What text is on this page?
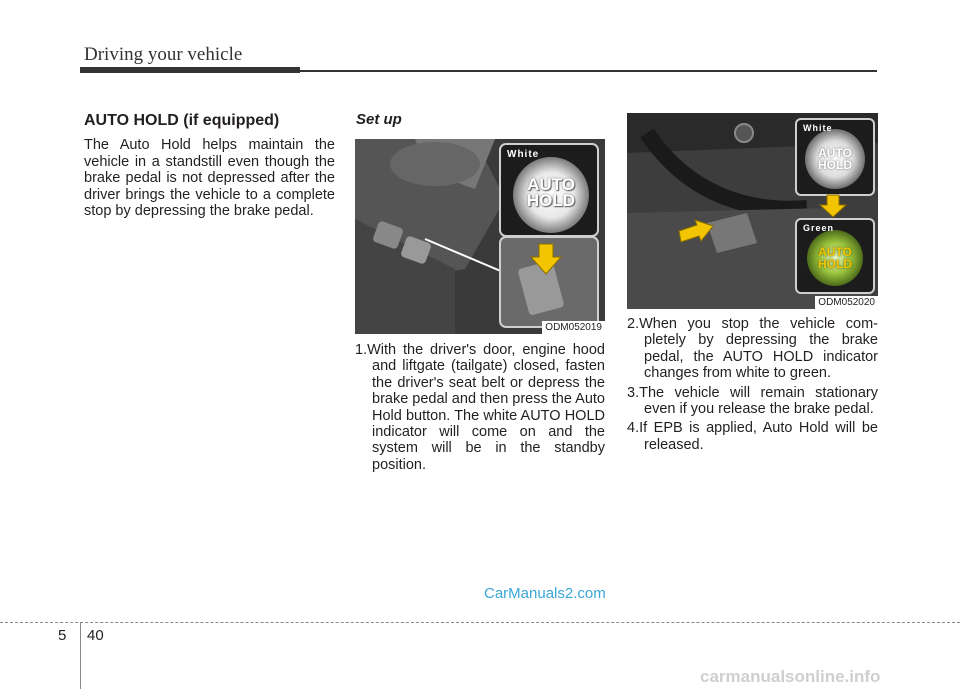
Driving your vehicle
AUTO HOLD (if equipped)
The Auto Hold helps maintain the vehicle in a standstill even though the brake pedal is not depressed after the driver brings the vehicle to a complete stop by depressing the brake pedal.
Set up
White
AUTO
HOLD
ODM052019
White
AUTO
HOLD
Green
AUTO
HOLD
ODM052020
1.With the driver's door, engine hood and liftgate (tailgate) closed, fasten the driver's seat belt or depress the brake pedal and then press the Auto Hold button. The white AUTO HOLD indicator will come on and the system will be in the standby position.
2.When you stop the vehicle com-pletely by depressing the brake pedal, the AUTO HOLD indicator changes from white to green.
3.The vehicle will remain stationary even if you release the brake pedal.
4.If EPB is applied, Auto Hold will be released.
CarManuals2.com
5 40
carmanualsonline.info
